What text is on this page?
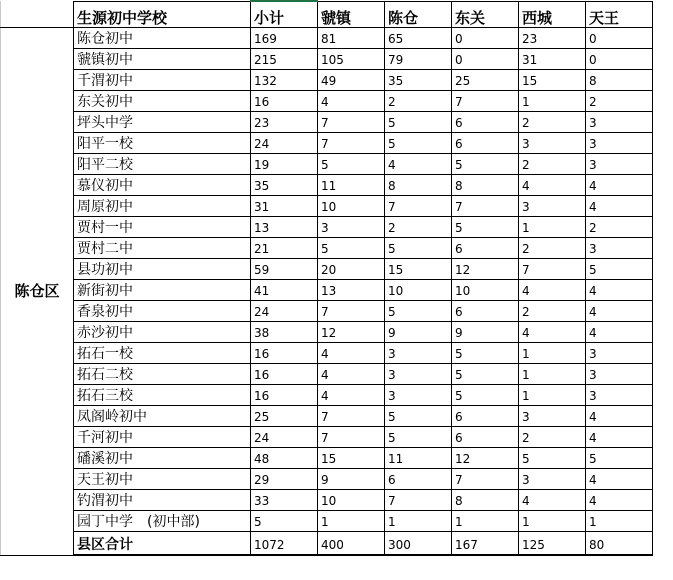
	生源初中学校	小计	虢镇	陈仓	东关	西城	天王
陈仓区	陈仓初中	169	81	65	0	23	0
	虢镇初中	215	105	79	0	31	0
	千渭初中	132	49	35	25	15	8
	东关初中	16	4	2	7	1	2
	坪头中学	23	7	5	6	2	3
	阳平一校	24	7	5	6	3	3
	阳平二校	19	5	4	5	2	3
	慕仪初中	35	11	8	8	4	4
	周原初中	31	10	7	7	3	4
	贾村一中	13	3	2	5	1	2
	贾村二中	21	5	5	6	2	3
	县功初中	59	20	15	12	7	5
	新街初中	41	13	10	10	4	4
	香泉初中	24	7	5	6	2	4
	赤沙初中	38	12	9	9	4	4
	拓石一校	16	4	3	5	1	3
	拓石二校	16	4	3	5	1	3
	拓石三校	16	4	3	5	1	3
	凤阁岭初中	25	7	5	6	3	4
	千河初中	24	7	5	6	2	4
	磻溪初中	48	15	11	12	5	5
	天王初中	29	9	6	7	3	4
	钓渭初中	33	10	7	8	4	4
	园丁中学　(初中部)	5	1	1	1	1	1
	县区合计	1072	400	300	167	125	80
